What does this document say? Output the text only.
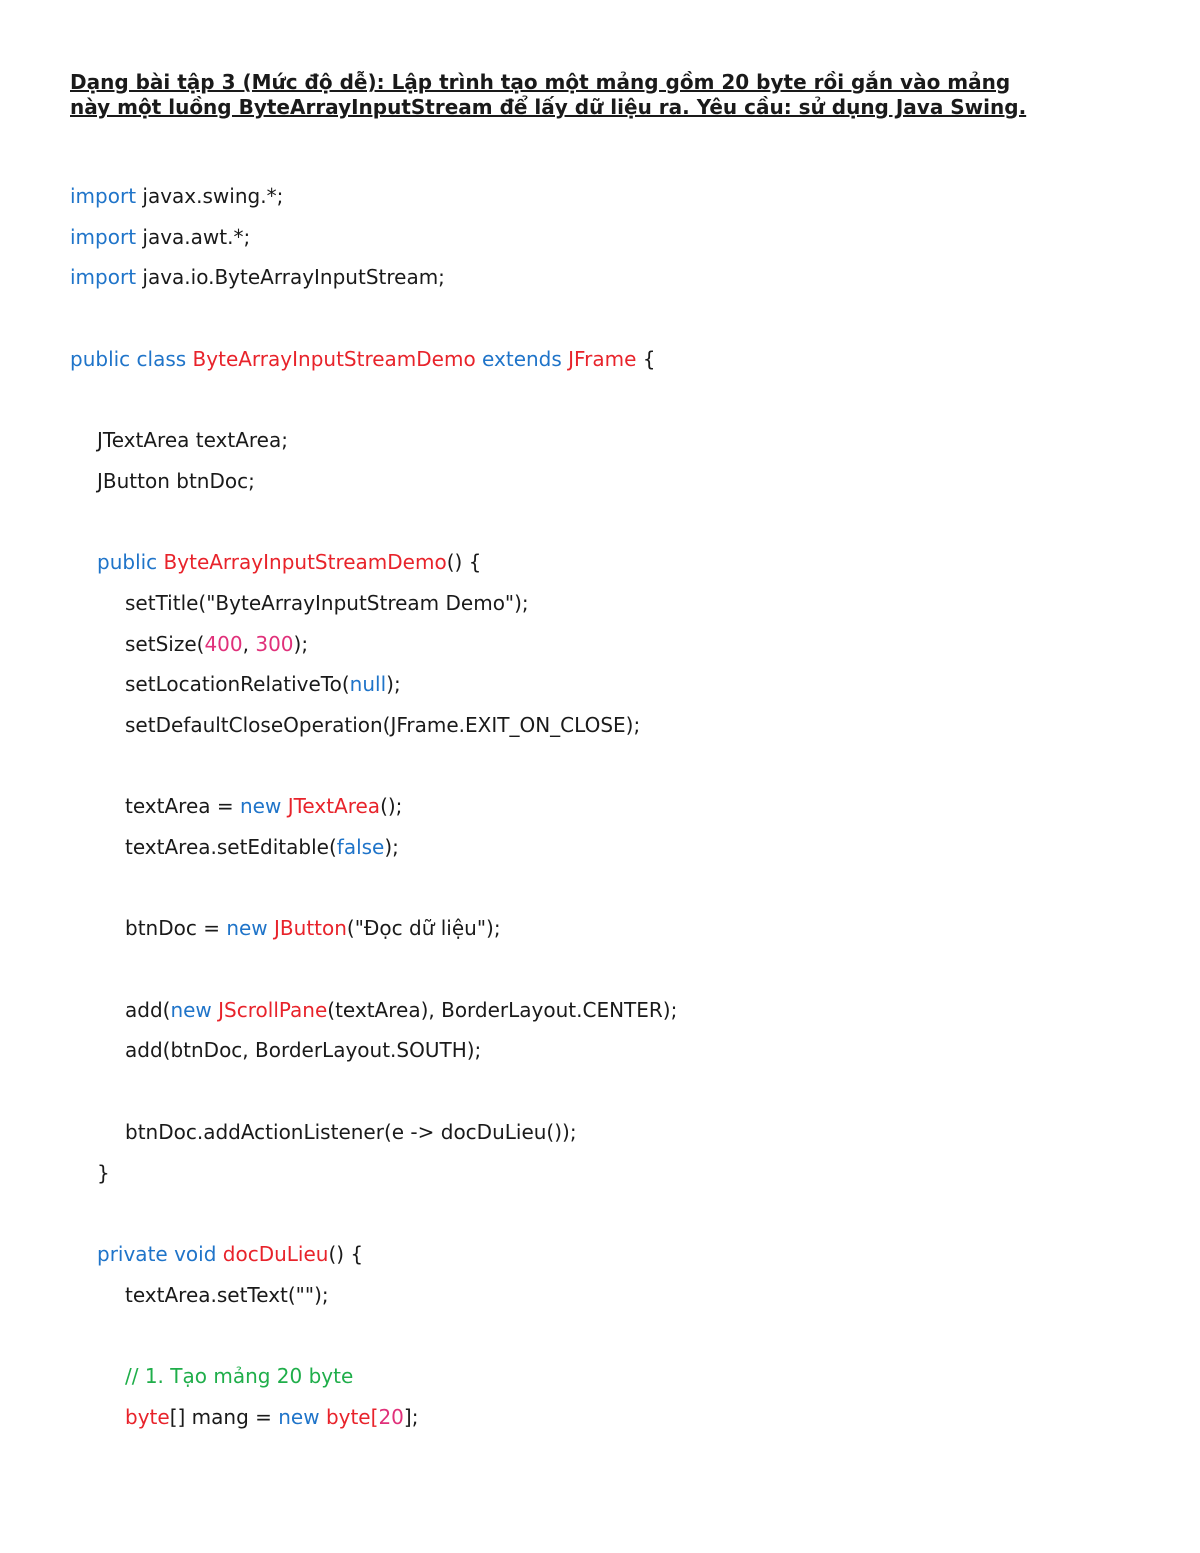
Dạng bài tập 3 (Mức độ dễ): Lập trình tạo một mảng gồm 20 byte rồi gắn vào mảng
này một luồng ByteArrayInputStream để lấy dữ liệu ra. Yêu cầu: sử dụng Java Swing.

import javax.swing.*;
import java.awt.*;
import java.io.ByteArrayInputStream;
public class ByteArrayInputStreamDemo extends JFrame {
JTextArea textArea;
JButton btnDoc;
public ByteArrayInputStreamDemo() {
setTitle("ByteArrayInputStream Demo");
setSize(400, 300);
setLocationRelativeTo(null);
setDefaultCloseOperation(JFrame.EXIT_ON_CLOSE);
textArea = new JTextArea();
textArea.setEditable(false);
btnDoc = new JButton("Đọc dữ liệu");
add(new JScrollPane(textArea), BorderLayout.CENTER);
add(btnDoc, BorderLayout.SOUTH);
btnDoc.addActionListener(e -> docDuLieu());
}
private void docDuLieu() {
textArea.setText("");
// 1. Tạo mảng 20 byte
byte[] mang = new byte[20];
